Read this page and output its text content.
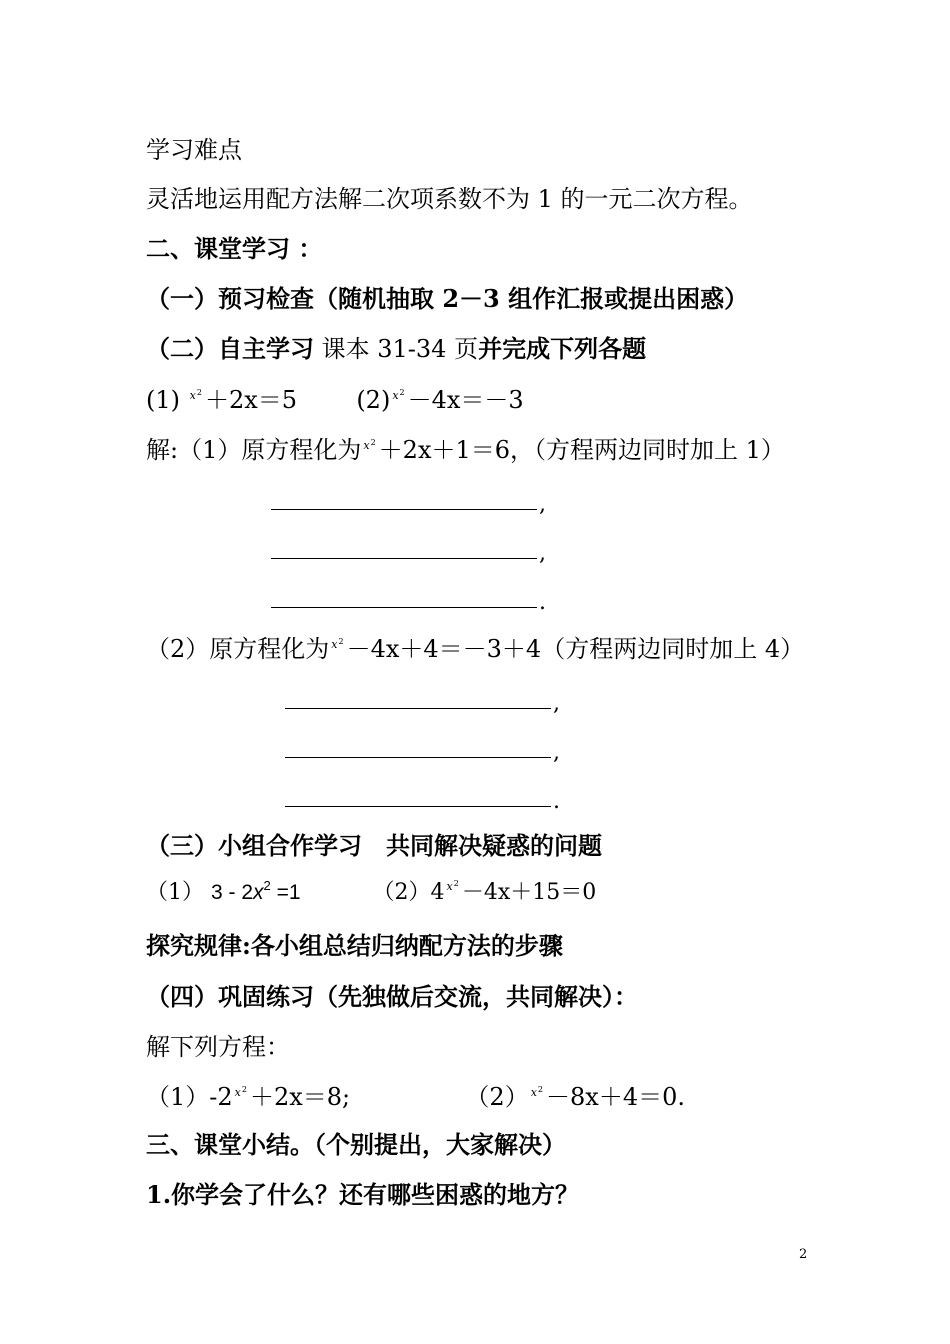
学习难点
灵活地运用配方法解二次项系数不为 1 的一元二次方程。
二、课堂学习 ：
（一）预习检查（随机抽取 2－3 组作汇报或提出困惑）
（二）自主学习 课本 31-34 页并完成下列各题
(1) $^{x^2}$ ＋2x＝5 (2) $^{x^2}$ －4x＝－3
解:（1）原方程化为 $^{x^2}$ ＋2x＋1＝6，（方程两边同时加上 1）
,
,
.
（2）原方程化为 $^{x^2}$ －4x＋4＝－3＋4（方程两边同时加上 4）
,
,
.
（三）小组合作学习　共同解决疑惑的问题
（1） $3 - 2x^2 =1$	（2）4 $^{x^2}$ －4x＋15＝0
探究规律:各小组总结归纳配方法的步骤
（四）巩固练习（先独做后交流，共同解决）：
解下列方程：
（1）-2 $^{x^2}$ ＋2x＝8;	（2） $^{x^2}$ －8x＋4＝0.
三、课堂小结。（个别提出，大家解决）
1.你学会了什么？还有哪些困惑的地方？
2
